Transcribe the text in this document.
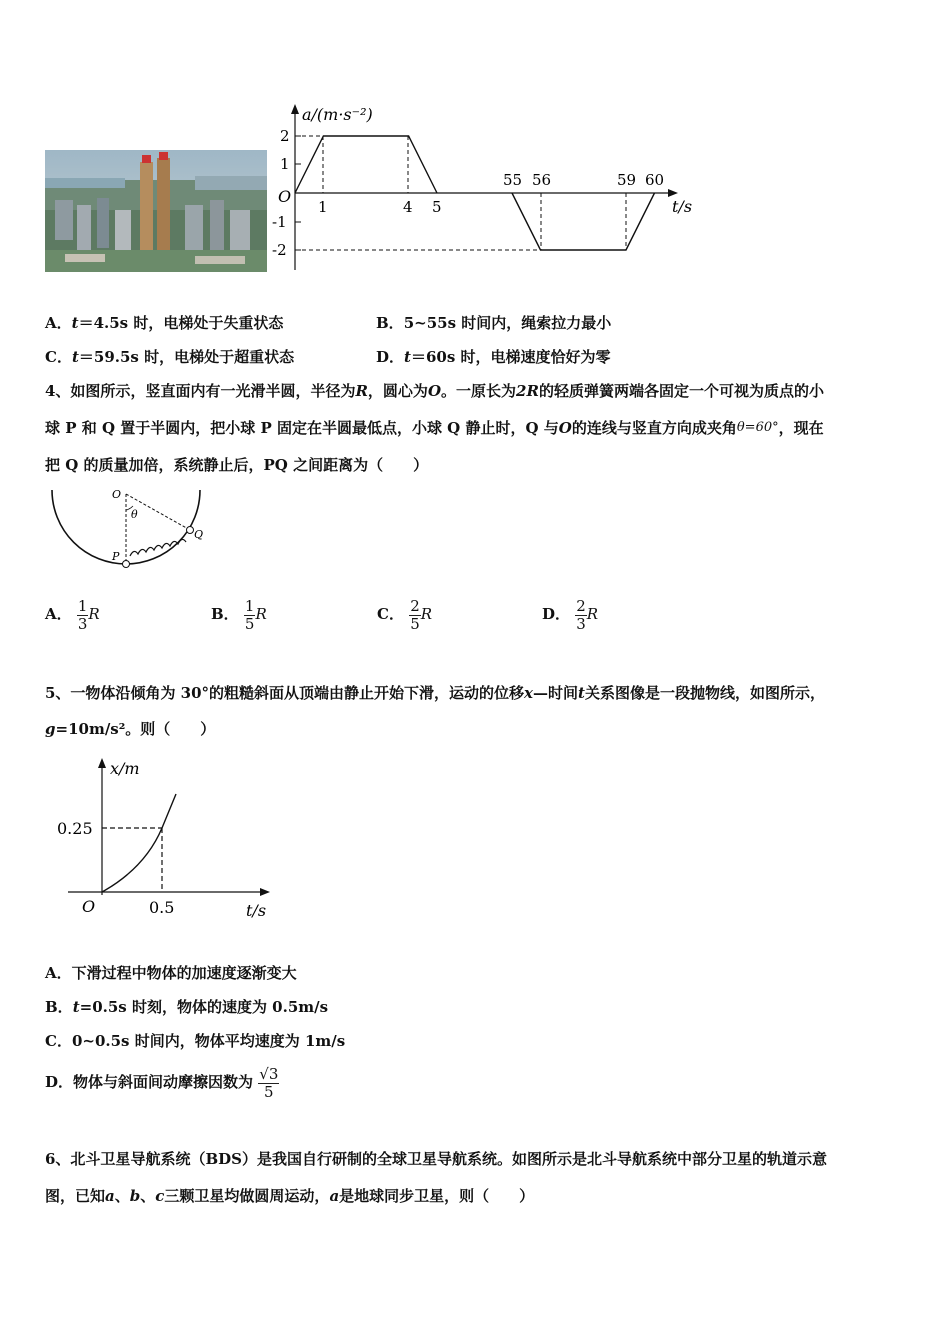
a/(m·s⁻²)
t/s
O
2
1
-1
-2
1	4 5
55 56	59 60
A．t＝4.5s 时，电梯处于失重状态	B．5~55s 时间内，绳索拉力最小
C．t＝59.5s 时，电梯处于超重状态	D．t＝60s 时，电梯速度恰好为零
4、如图所示，竖直面内有一光滑半圆，半径为R，圆心为O。一原长为2R的轻质弹簧两端各固定一个可视为质点的小
球 P 和 Q 置于半圆内，把小球 P 固定在半圆最低点，小球 Q 静止时，Q 与O的连线与竖直方向成夹角θ=60°，现在
把 Q 的质量加倍，系统静止后，PQ 之间距离为（　　）
O
θ
P
Q
A． $\frac{1}{3}$ R	B． $\frac{1}{5}$ R	C． $\frac{2}{5}$ R	D． $\frac{2}{3}$ R
5、一物体沿倾角为 30°的粗糙斜面从顶端由静止开始下滑，运动的位移x—时间t关系图像是一段抛物线，如图所示，
g=10m/s²。则（　　）
x/m
t/s
O
0.25
0.5
A．下滑过程中物体的加速度逐渐变大
B．t=0.5s 时刻，物体的速度为 0.5m/s
C．0~0.5s 时间内，物体平均速度为 1m/s
D．物体与斜面间动摩擦因数为 $\frac{√3}{5}$
6、北斗卫星导航系统（BDS）是我国自行研制的全球卫星导航系统。如图所示是北斗导航系统中部分卫星的轨道示意
图，已知a、b、c三颗卫星均做圆周运动，a是地球同步卫星，则（　　）
